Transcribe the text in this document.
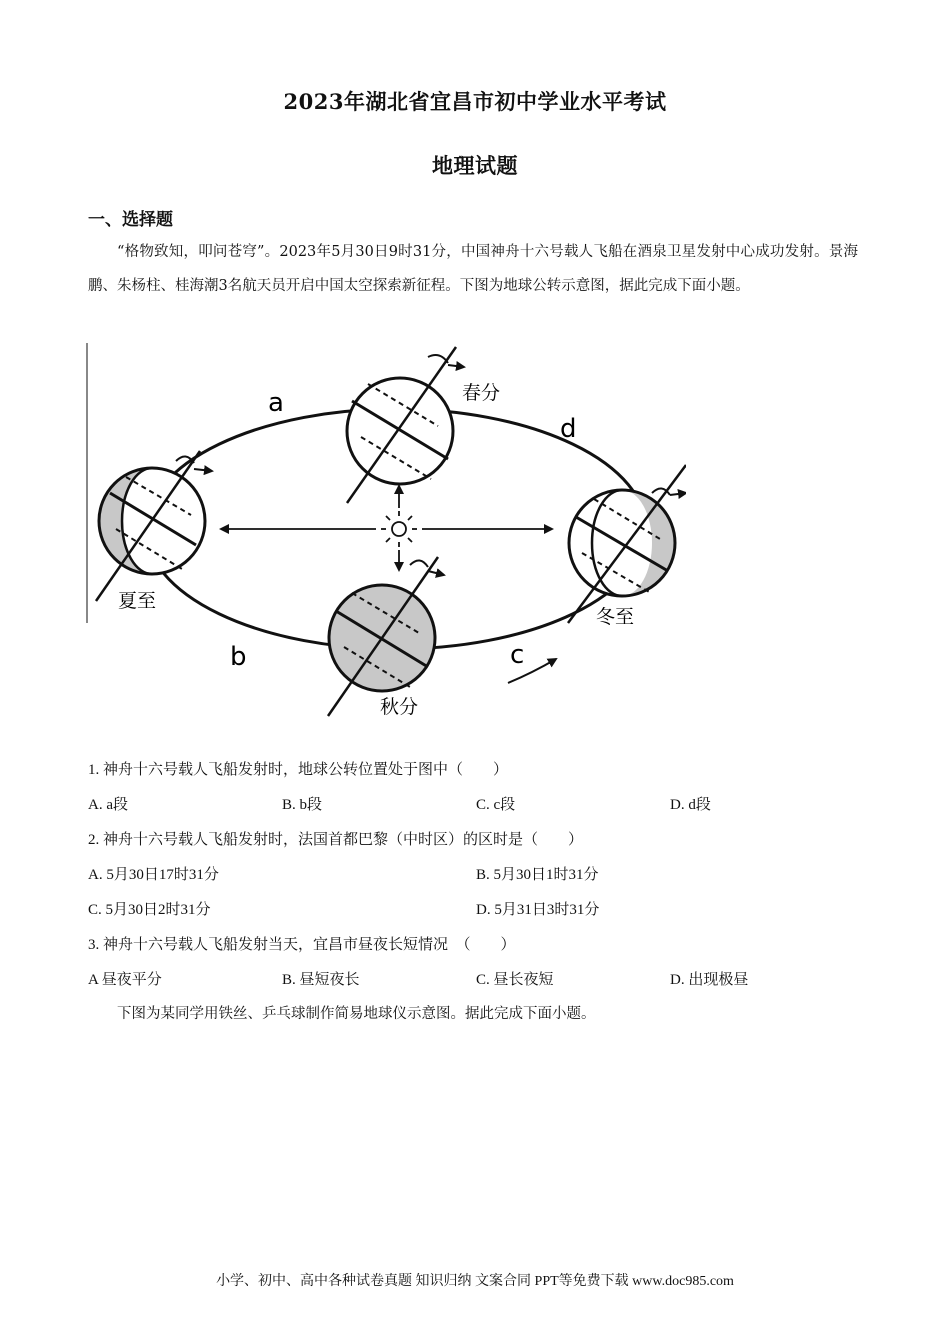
2023年湖北省宜昌市初中学业水平考试
地理试题
一、选择题
“格物致知，叩问苍穹”。2023年5月30日9时31分，中国神舟十六号载人飞船在酒泉卫星发射中心成功发射。景海鹏、朱杨柱、桂海潮3名航天员开启中国太空探索新征程。下图为地球公转示意图，据此完成下面小题。
a
d
b	c
春分
夏至
秋分
冬至
1. 神舟十六号载人飞船发射时，地球公转位置处于图中（　　）
A. a段	B. b段	C. c段	D. d段
2. 神舟十六号载人飞船发射时，法国首都巴黎（中时区）的区时是（　　）
A. 5月30日17时31分	B. 5月30日1时31分
C. 5月30日2时31分	D. 5月31日3时31分
3. 神舟十六号载人飞船发射当天，宜昌市昼夜长短情况　（　　）
A 昼夜平分	B. 昼短夜长	C. 昼长夜短	D. 出现极昼
下图为某同学用铁丝、乒乓球制作简易地球仪示意图。据此完成下面小题。
小学、初中、高中各种试卷真题 知识归纳 文案合同 PPT等免费下载 www.doc985.com
